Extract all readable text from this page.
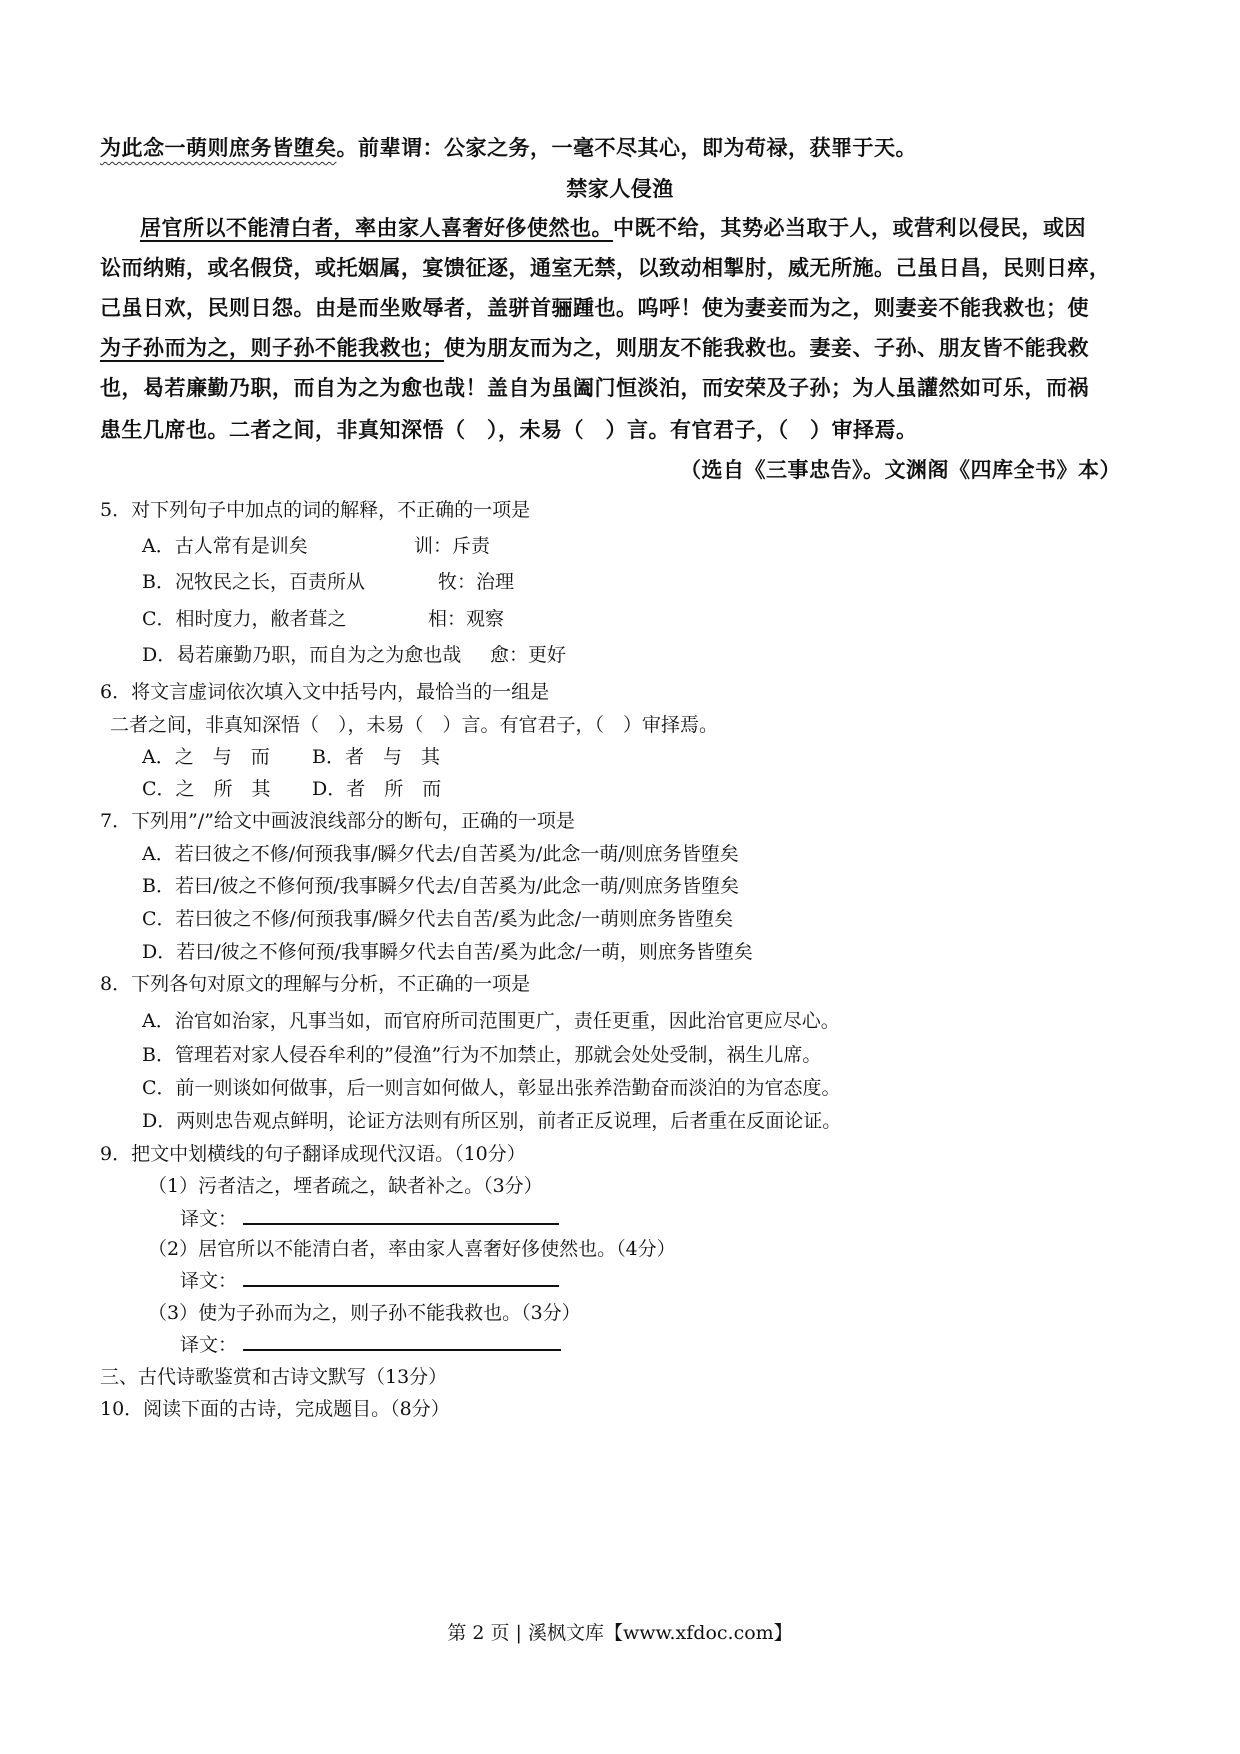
为此念一萌则庶务皆堕矣。前辈谓：公家之务，一毫不尽其心，即为苟禄，获罪于天。
禁家人侵渔
居官所以不能清白者，率由家人喜奢好侈使然也。中既不给，其势必当取于人，或营利以侵民，或因
讼而纳贿，或名假贷，或托姻属，宴馈征逐，通室无禁，以致动相掣肘，威无所施。己虽日昌，民则日瘁，
己虽日欢，民则日怨。由是而坐败辱者，盖骈首骊踵也。呜呼！使为妻妾而为之，则妻妾不能我救也；使
为子孙而为之，则子孙不能我救也；使为朋友而为之，则朋友不能我救也。妻妾、子孙、朋友皆不能我救
也，曷若廉勤乃职，而自为之为愈也哉！盖自为虽阖门恒淡泊，而安荣及子孙；为人虽讙然如可乐，而祸
患生几席也。二者之间，非真知深悟（　），未易（　）言。有官君子，（　）审择焉。
（选自《三事忠告》。文渊阁《四库全书》本）
5．对下列句子中加点的词的解释，不正确的一项是
A．古人常有是训矣	训：斥责
B．况牧民之长，百责所从	牧：治理
C．相时度力，敝者葺之	相：观察
D．曷若廉勤乃职，而自为之为愈也哉 愈：更好
6．将文言虚词依次填入文中括号内，最恰当的一组是
二者之间，非真知深悟（　），未易（　）言。有官君子，（　）审择焉。
A．之　与　而 B．者　与　其
C．之　所　其 D．者　所　而
7．下列用”/”给文中画波浪线部分的断句，正确的一项是
A．若曰彼之不修/何预我事/瞬夕代去/自苦奚为/此念一萌/则庶务皆堕矣
B．若曰/彼之不修何预/我事瞬夕代去/自苦奚为/此念一萌/则庶务皆堕矣
C．若曰彼之不修/何预我事/瞬夕代去自苦/奚为此念/一萌则庶务皆堕矣
D．若曰/彼之不修何预/我事瞬夕代去自苦/奚为此念/一萌，则庶务皆堕矣
8．下列各句对原文的理解与分析，不正确的一项是
A．治官如治家，凡事当如，而官府所司范围更广，责任更重，因此治官更应尽心。
B．管理若对家人侵吞牟利的”侵渔”行为不加禁止，那就会处处受制，祸生儿席。
C．前一则谈如何做事，后一则言如何做人，彰显出张养浩勤奋而淡泊的为官态度。
D．两则忠告观点鲜明，论证方法则有所区别，前者正反说理，后者重在反面论证。
9．把文中划横线的句子翻译成现代汉语。（10分）
（1）污者洁之，堙者疏之，缺者补之。（3分）
译文：
（2）居官所以不能清白者，率由家人喜奢好侈使然也。（4分）
译文：
（3）使为子孙而为之，则子孙不能我救也。（3分）
译文：
三、古代诗歌鉴赏和古诗文默写（13分）
10．阅读下面的古诗，完成题目。（8分）
第 2 页 | 溪枫文库【www.xfdoc.com】
